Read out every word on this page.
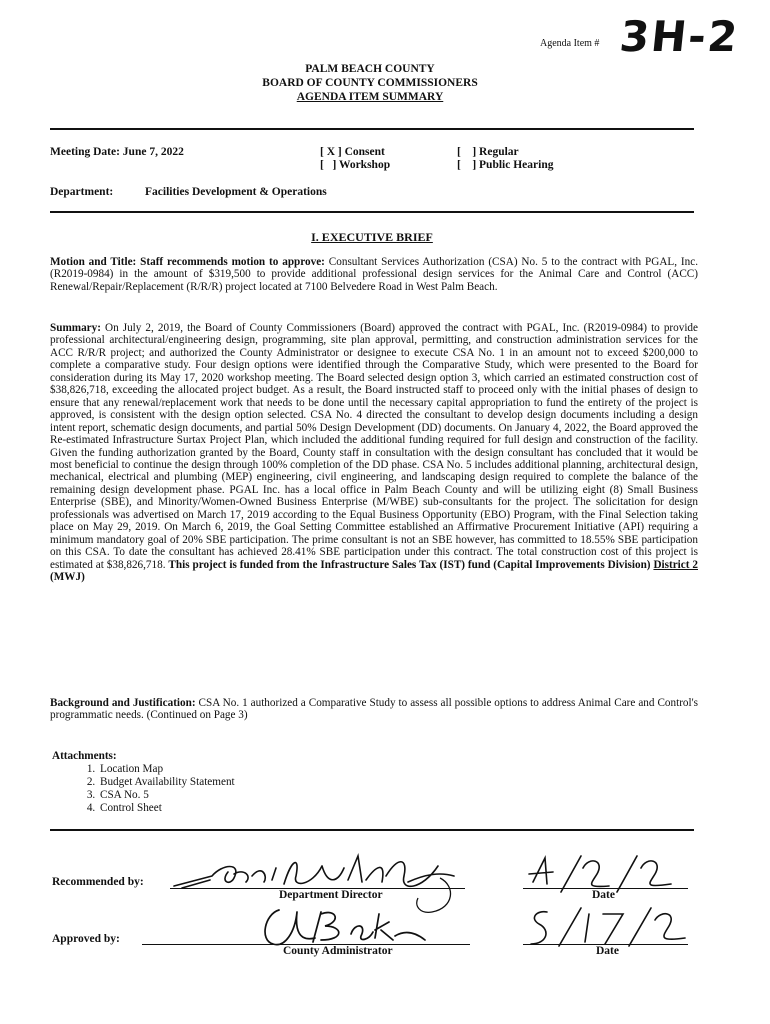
Agenda Item # 3H-2
PALM BEACH COUNTY
BOARD OF COUNTY COMMISSIONERS
AGENDA ITEM SUMMARY
Meeting Date: June 7, 2022	[ X ] Consent
[   ] Workshop
[    ] Regular
[    ] Public Hearing
Department:	Facilities Development & Operations
I. EXECUTIVE BRIEF
Motion and Title: Staff recommends motion to approve: Consultant Services Authorization (CSA) No. 5 to the contract with PGAL, Inc. (R2019-0984) in the amount of $319,500 to provide additional professional design services for the Animal Care and Control (ACC) Renewal/Repair/Replacement (R/R/R) project located at 7100 Belvedere Road in West Palm Beach.
Summary: On July 2, 2019, the Board of County Commissioners (Board) approved the contract with PGAL, Inc. (R2019-0984) to provide professional architectural/engineering design, programming, site plan approval, permitting, and construction administration services for the ACC R/R/R project; and authorized the County Administrator or designee to execute CSA No. 1 in an amount not to exceed $200,000 to complete a comparative study. Four design options were identified through the Comparative Study, which were presented to the Board for consideration during its May 17, 2020 workshop meeting. The Board selected design option 3, which carried an estimated construction cost of $38,826,718, exceeding the allocated project budget. As a result, the Board instructed staff to proceed only with the initial phases of design to ensure that any renewal/replacement work that needs to be done until the necessary capital appropriation to fund the entirety of the project is approved, is consistent with the design option selected. CSA No. 4 directed the consultant to develop design documents including a design intent report, schematic design documents, and partial 50% Design Development (DD) documents. On January 4, 2022, the Board approved the Re-estimated Infrastructure Surtax Project Plan, which included the additional funding required for full design and construction of the facility. Given the funding authorization granted by the Board, County staff in consultation with the design consultant has concluded that it would be most beneficial to continue the design through 100% completion of the DD phase. CSA No. 5 includes additional planning, architectural design, mechanical, electrical and plumbing (MEP) engineering, civil engineering, and landscaping design required to complete the balance of the remaining design development phase. PGAL Inc. has a local office in Palm Beach County and will be utilizing eight (8) Small Business Enterprise (SBE), and Minority/Women-Owned Business Enterprise (M/WBE) sub-consultants for the project. The solicitation for design professionals was advertised on March 17, 2019 according to the Equal Business Opportunity (EBO) Program, with the Final Selection taking place on May 29, 2019. On March 6, 2019, the Goal Setting Committee established an Affirmative Procurement Initiative (API) requiring a minimum mandatory goal of 20% SBE participation. The prime consultant is not an SBE however, has committed to 18.55% SBE participation on this CSA. To date the consultant has achieved 28.41% SBE participation under this contract. The total construction cost of this project is estimated at $38,826,718. This project is funded from the Infrastructure Sales Tax (IST) fund (Capital Improvements Division) District 2 (MWJ)
Background and Justification: CSA No. 1 authorized a Comparative Study to assess all possible options to address Animal Care and Control's programmatic needs. (Continued on Page 3)
Attachments:
1. Location Map
2. Budget Availability Statement
3. CSA No. 5
4. Control Sheet
Recommended by:
Department Director	Date
Approved by:
County Administrator	Date
